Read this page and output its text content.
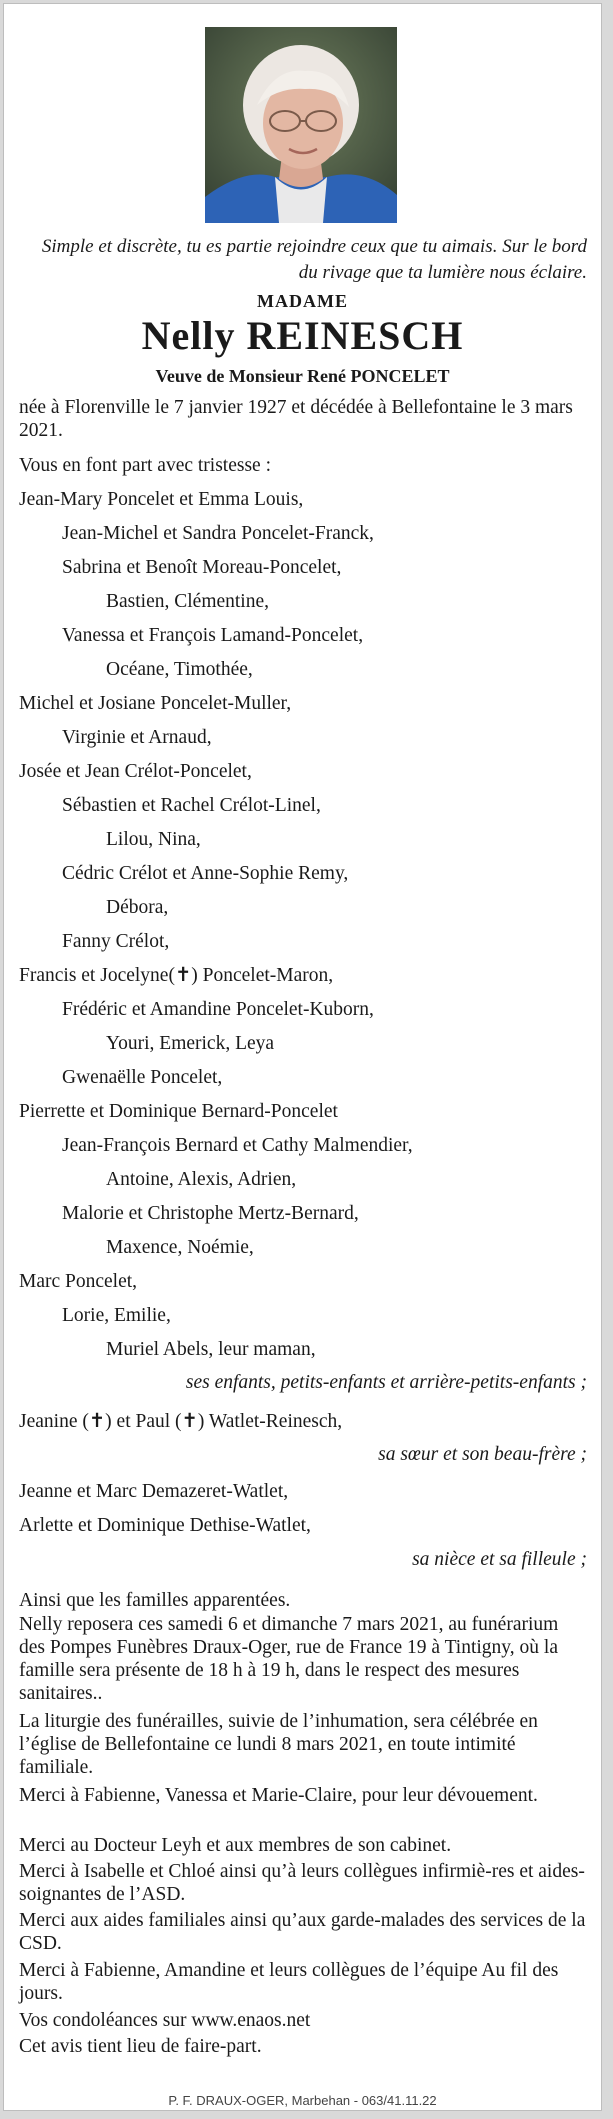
Simple et discrète, tu es partie rejoindre ceux que tu aimais. Sur le bord du rivage que ta lumière nous éclaire.
MADAME
Nelly REINESCH
Veuve de Monsieur René PONCELET
née à Florenville le 7 janvier 1927 et décédée à Bellefontaine le 3 mars 2021.
Vous en font part avec tristesse :
Jean-Mary Poncelet et Emma Louis,
Jean-Michel et Sandra Poncelet-Franck,
Sabrina et Benoît Moreau-Poncelet,
Bastien, Clémentine,
Vanessa et François Lamand-Poncelet,
Océane, Timothée,
Michel et Josiane Poncelet-Muller,
Virginie et Arnaud,
Josée et Jean Crélot-Poncelet,
Sébastien et Rachel Crélot-Linel,
Lilou, Nina,
Cédric Crélot et Anne-Sophie Remy,
Débora,
Fanny Crélot,
Francis et Jocelyne(✝) Poncelet-Maron,
Frédéric et Amandine Poncelet-Kuborn,
Youri, Emerick, Leya
Gwenaëlle Poncelet,
Pierrette et Dominique Bernard-Poncelet
Jean-François Bernard et Cathy Malmendier,
Antoine, Alexis, Adrien,
Malorie et Christophe Mertz-Bernard,
Maxence, Noémie,
Marc Poncelet,
Lorie, Emilie,
Muriel Abels, leur maman,
ses enfants, petits-enfants et arrière-petits-enfants ;
Jeanine (✝) et Paul (✝) Watlet-Reinesch,
sa sœur et son beau-frère ;
Jeanne et Marc Demazeret-Watlet,
Arlette et Dominique Dethise-Watlet,
sa nièce et sa filleule ;
Ainsi que les familles apparentées.
Nelly reposera ces samedi 6 et dimanche 7 mars 2021, au funérarium des Pompes Funèbres Draux-Oger, rue de France 19 à Tintigny, où la famille sera présente de 18 h à 19 h, dans le respect des mesures sanitaires..
La liturgie des funérailles, suivie de l’inhumation, sera célébrée en l’église de Bellefontaine ce lundi 8 mars 2021, en toute intimité familiale.
Merci à Fabienne, Vanessa et Marie-Claire, pour leur dévouement.
Merci au Docteur Leyh et aux membres de son cabinet.
Merci à Isabelle et Chloé ainsi qu’à leurs collègues infirmiè-res et aides-soignantes de l’ASD.
Merci aux aides familiales ainsi qu’aux garde-malades des services de la CSD.
Merci à Fabienne, Amandine et leurs collègues de l’équipe Au fil des jours.
Vos condoléances sur www.enaos.net
Cet avis tient lieu de faire-part.
P. F. DRAUX-OGER, Marbehan - 063/41.11.22
